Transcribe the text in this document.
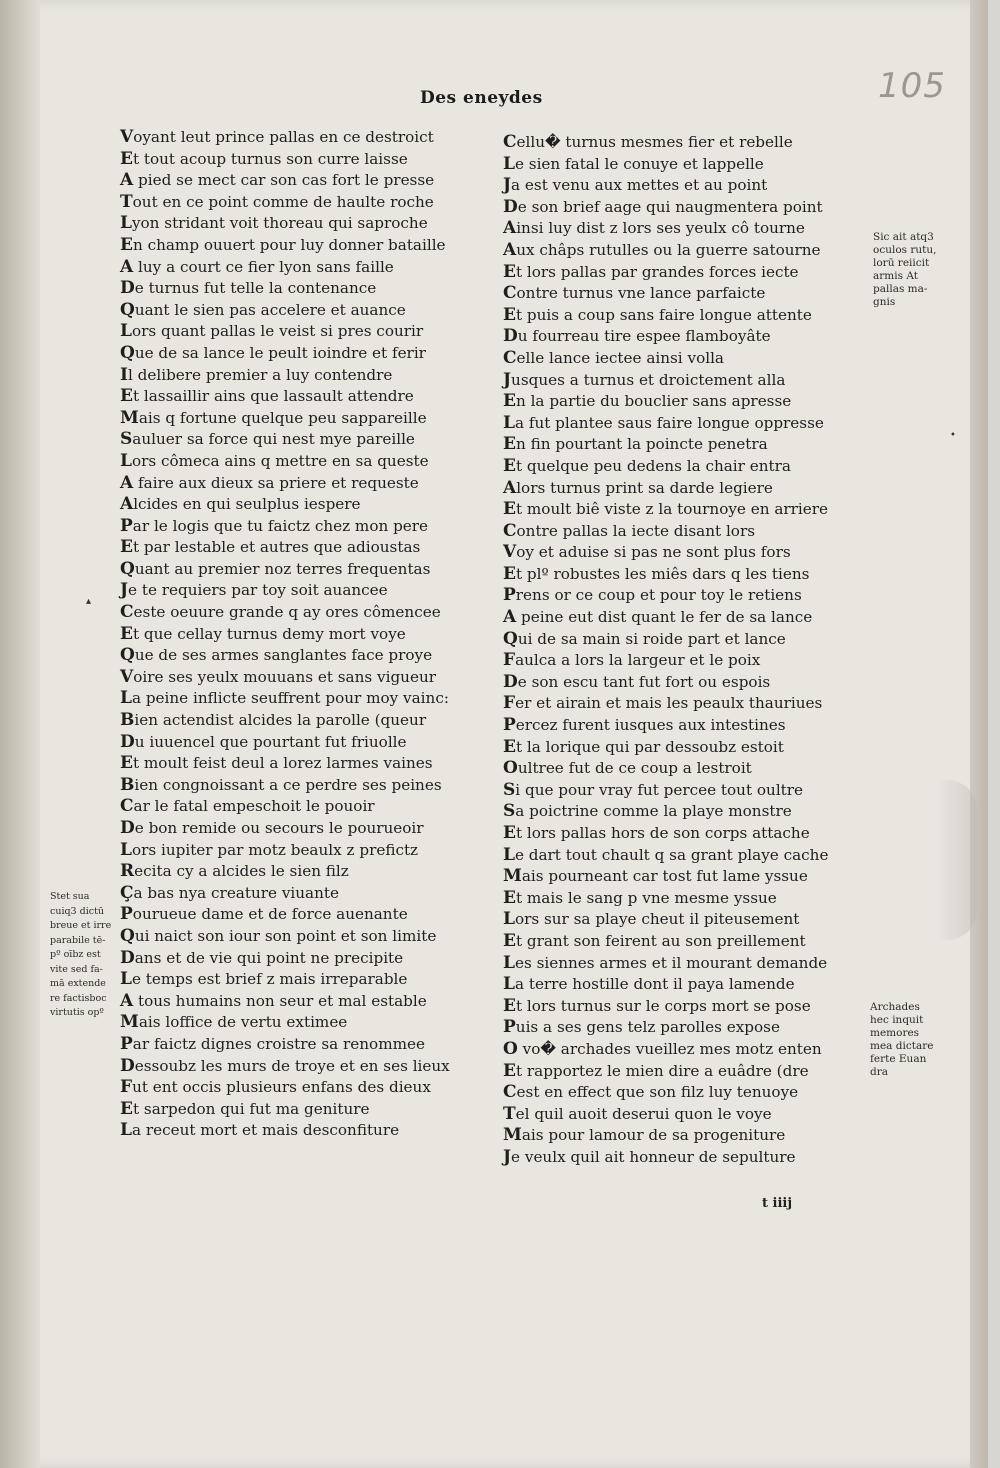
105
Des eneydes
Voyant leut prince pallas en ce destroict
Et tout acoup turnus son curre laisse
A pied se mect car son cas fort le presse
Tout en ce point comme de haulte roche
Lyon stridant voit thoreau qui saproche
En champ ouuert pour luy donner bataille
A luy a court ce fier lyon sans faille
De turnus fut telle la contenance
Quant le sien pas accelere et auance
Lors quant pallas le veist si pres courir
Que de sa lance le peult ioindre et ferir
Il delibere premier a luy contendre
Et lassaillir ains que lassault attendre
Mais q fortune quelque peu sappareille
Sauluer sa force qui nest mye pareille
Lors cômeca ains q mettre en sa queste
A faire aux dieux sa priere et requeste
Alcides en qui seulplus iespere
Par le logis que tu faictz chez mon pere
Et par lestable et autres que adioustas
Quant au premier noz terres frequentas
Je te requiers par toy soit auancee
Ceste oeuure grande q ay ores cômencee
Et que cellay turnus demy mort voye
Que de ses armes sanglantes face proye
Voire ses yeulx mouuans et sans vigueur
La peine inflicte seuffrent pour moy vainc:
Bien actendist alcides la parolle (queur
Du iuuencel que pourtant fut friuolle
Et moult feist deul a lorez larmes vaines
Bien congnoissant a ce perdre ses peines
Car le fatal empeschoit le pouoir
De bon remide ou secours le pourueoir
Lors iupiter par motz beaulx z prefictz
Recita cy a alcides le sien filz
Ça bas nya creature viuante
Pourueue dame et de force auenante
Qui naict son iour son point et son limite
Dans et de vie qui point ne precipite
Le temps est brief z mais irreparable
A tous humains non seur et mal estable
Mais loffice de vertu extimee
Par faictz dignes croistre sa renommee
Dessoubz les murs de troye et en ses lieux
Fut ent occis plusieurs enfans des dieux
Et sarpedon qui fut ma geniture
La receut mort et mais desconfiture
Cellu� turnus mesmes fier et rebelle
Le sien fatal le conuye et lappelle
Ja est venu aux mettes et au point
De son brief aage qui naugmentera point
Ainsi luy dist z lors ses yeulx cô tourne
Aux châps rutulles ou la guerre satourne
Et lors pallas par grandes forces iecte
Contre turnus vne lance parfaicte
Et puis a coup sans faire longue attente
Du fourreau tire espee flamboyâte
Celle lance iectee ainsi volla
Jusques a turnus et droictement alla
En la partie du bouclier sans apresse
La fut plantee saus faire longue oppresse
En fin pourtant la poincte penetra
Et quelque peu dedens la chair entra
Alors turnus print sa darde legiere
Et moult biê viste z la tournoye en arriere
Contre pallas la iecte disant lors
Voy et aduise si pas ne sont plus fors
Et plº robustes les miês dars q les tiens
Prens or ce coup et pour toy le retiens
A peine eut dist quant le fer de sa lance
Qui de sa main si roide part et lance
Faulca a lors la largeur et le poix
De son escu tant fut fort ou espois
Fer et airain et mais les peaulx thauriues
Percez furent iusques aux intestines
Et la lorique qui par dessoubz estoit
Oultree fut de ce coup a lestroit
Si que pour vray fut percee tout oultre
Sa poictrine comme la playe monstre
Et lors pallas hors de son corps attache
Le dart tout chault q sa grant playe cache
Mais pourneant car tost fut lame yssue
Et mais le sang p vne mesme yssue
Lors sur sa playe cheut il piteusement
Et grant son feirent au son preillement
Les siennes armes et il mourant demande
La terre hostille dont il paya lamende
Et lors turnus sur le corps mort se pose
Puis a ses gens telz parolles expose
O vo� archades vueillez mes motz enten
Et rapportez le mien dire a euâdre (dre
Cest en effect que son filz luy tenuoye
Tel quil auoit deserui quon le voye
Mais pour lamour de sa progeniture
Je veulx quil ait honneur de sepulture
Sic ait atq3
oculos rutu,
lorū reiicit
armis At
pallas ma-
gnis
Archades
hec inquit
memores
mea dictare
ferte Euan
dra
Stet sua
cuiq3 dictū
breue et irre
parabile tē-
pº oībz est
vite sed fa-
mā extende
re factisboc
virtutis opº
t iiij
▴
•
